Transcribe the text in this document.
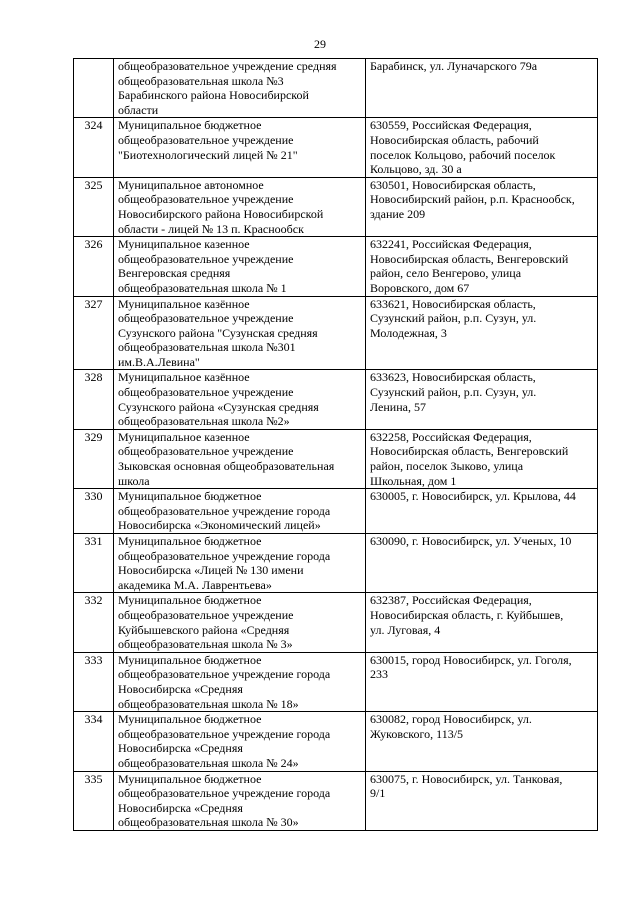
29

	общеобразовательное учреждение средняя
общеобразовательная школа №3
Барабинского района Новосибирской
области	Барабинск, ул. Луначарского 79а

324	Муниципальное бюджетное
общеобразовательное учреждение
"Биотехнологический лицей № 21"	630559, Российская Федерация,
Новосибирская область, рабочий
поселок Кольцово, рабочий поселок
Кольцово, зд. 30 а

325	Муниципальное автономное
общеобразовательное учреждение
Новосибирского района Новосибирской
области - лицей № 13 п. Краснообск	630501, Новосибирская область,
Новосибирский район, р.п. Краснообск,
здание 209

326	Муниципальное казенное
общеобразовательное учреждение
Венгеровская средняя
общеобразовательная школа № 1	632241, Российская Федерация,
Новосибирская область, Венгеровский
район, село Венгерово, улица
Воровского, дом 67

327	Муниципальное казённое
общеобразовательное учреждение
Сузунского района "Сузунская средняя
общеобразовательная школа №301
им.В.А.Левина"	633621, Новосибирская область,
Сузунский район, р.п. Сузун, ул.
Молодежная, 3

328	Муниципальное казённое
общеобразовательное учреждение
Сузунского района «Сузунская средняя
общеобразовательная школа №2»	633623, Новосибирская область,
Сузунский район, р.п. Сузун, ул.
Ленина, 57

329	Муниципальное казенное
общеобразовательное учреждение
Зыковская основная общеобразовательная
школа	632258, Российская Федерация,
Новосибирская область, Венгеровский
район, поселок Зыково, улица
Школьная, дом 1

330	Муниципальное бюджетное
общеобразовательное учреждение города
Новосибирска «Экономический лицей»	630005, г. Новосибирск, ул. Крылова, 44

331	Муниципальное бюджетное
общеобразовательное учреждение города
Новосибирска «Лицей № 130 имени
академика М.А. Лаврентьева»	630090, г. Новосибирск, ул. Ученых, 10

332	Муниципальное бюджетное
общеобразовательное учреждение
Куйбышевского района «Средняя
общеобразовательная школа № 3»	632387, Российская Федерация,
Новосибирская область, г. Куйбышев,
ул. Луговая, 4

333	Муниципальное бюджетное
общеобразовательное учреждение города
Новосибирска «Средняя
общеобразовательная школа № 18»	630015, город Новосибирск, ул. Гоголя,
233

334	Муниципальное бюджетное
общеобразовательное учреждение города
Новосибирска «Средняя
общеобразовательная школа № 24»	630082, город Новосибирск, ул.
Жуковского, 113/5

335	Муниципальное бюджетное
общеобразовательное учреждение города
Новосибирска «Средняя
общеобразовательная школа № 30»	630075, г. Новосибирск, ул. Танковая,
9/1
